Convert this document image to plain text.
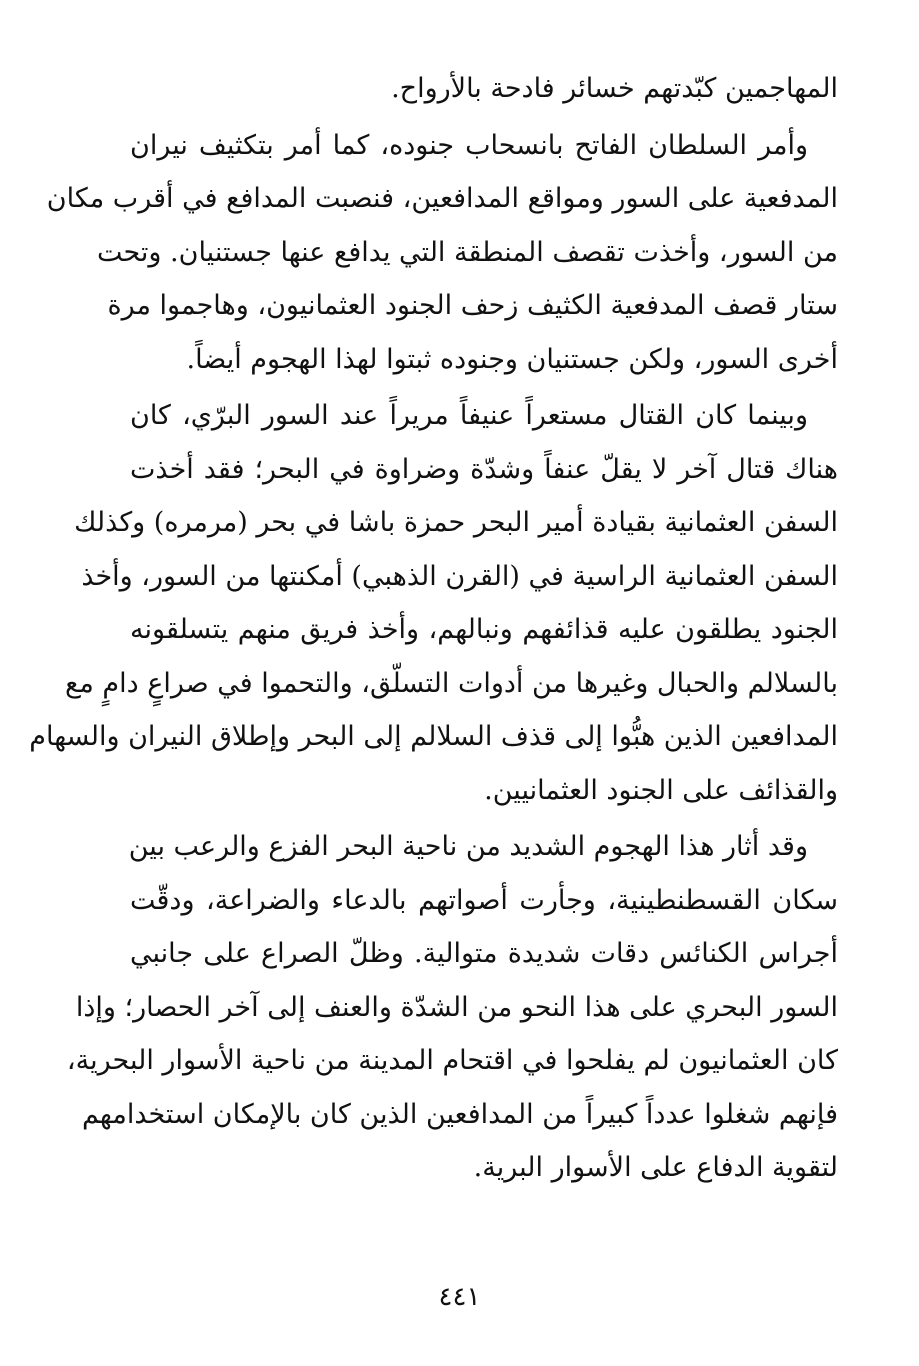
المهاجمين كبّدتهم خسائر فادحة بالأرواح.
وأمر السلطان الفاتح بانسحاب جنوده، كما أمر بتكثيف نيران
المدفعية على السور ومواقع المدافعين، فنصبت المدافع في أقرب مكان
من السور، وأخذت تقصف المنطقة التي يدافع عنها جستنيان. وتحت
ستار قصف المدفعية الكثيف زحف الجنود العثمانيون، وهاجموا مرة
أخرى السور، ولكن جستنيان وجنوده ثبتوا لهذا الهجوم أيضاً.
وبينما كان القتال مستعراً عنيفاً مريراً عند السور البرّي، كان
هناك قتال آخر لا يقلّ عنفاً وشدّة وضراوة في البحر؛ فقد أخذت
السفن العثمانية بقيادة أمير البحر حمزة باشا في بحر (مرمره) وكذلك
السفن العثمانية الراسية في (القرن الذهبي) أمكنتها من السور، وأخذ
الجنود يطلقون عليه قذائفهم ونبالهم، وأخذ فريق منهم يتسلقونه
بالسلالم والحبال وغيرها من أدوات التسلّق، والتحموا في صراعٍ دامٍ مع
المدافعين الذين هبُّوا إلى قذف السلالم إلى البحر وإطلاق النيران والسهام
والقذائف على الجنود العثمانيين.
وقد أثار هذا الهجوم الشديد من ناحية البحر الفزع والرعب بين
سكان القسطنطينية، وجأرت أصواتهم بالدعاء والضراعة، ودقّت
أجراس الكنائس دقات شديدة متوالية. وظلّ الصراع على جانبي
السور البحري على هذا النحو من الشدّة والعنف إلى آخر الحصار؛ وإذا
كان العثمانيون لم يفلحوا في اقتحام المدينة من ناحية الأسوار البحرية،
فإنهم شغلوا عدداً كبيراً من المدافعين الذين كان بالإمكان استخدامهم
لتقوية الدفاع على الأسوار البرية.
٤٤١
